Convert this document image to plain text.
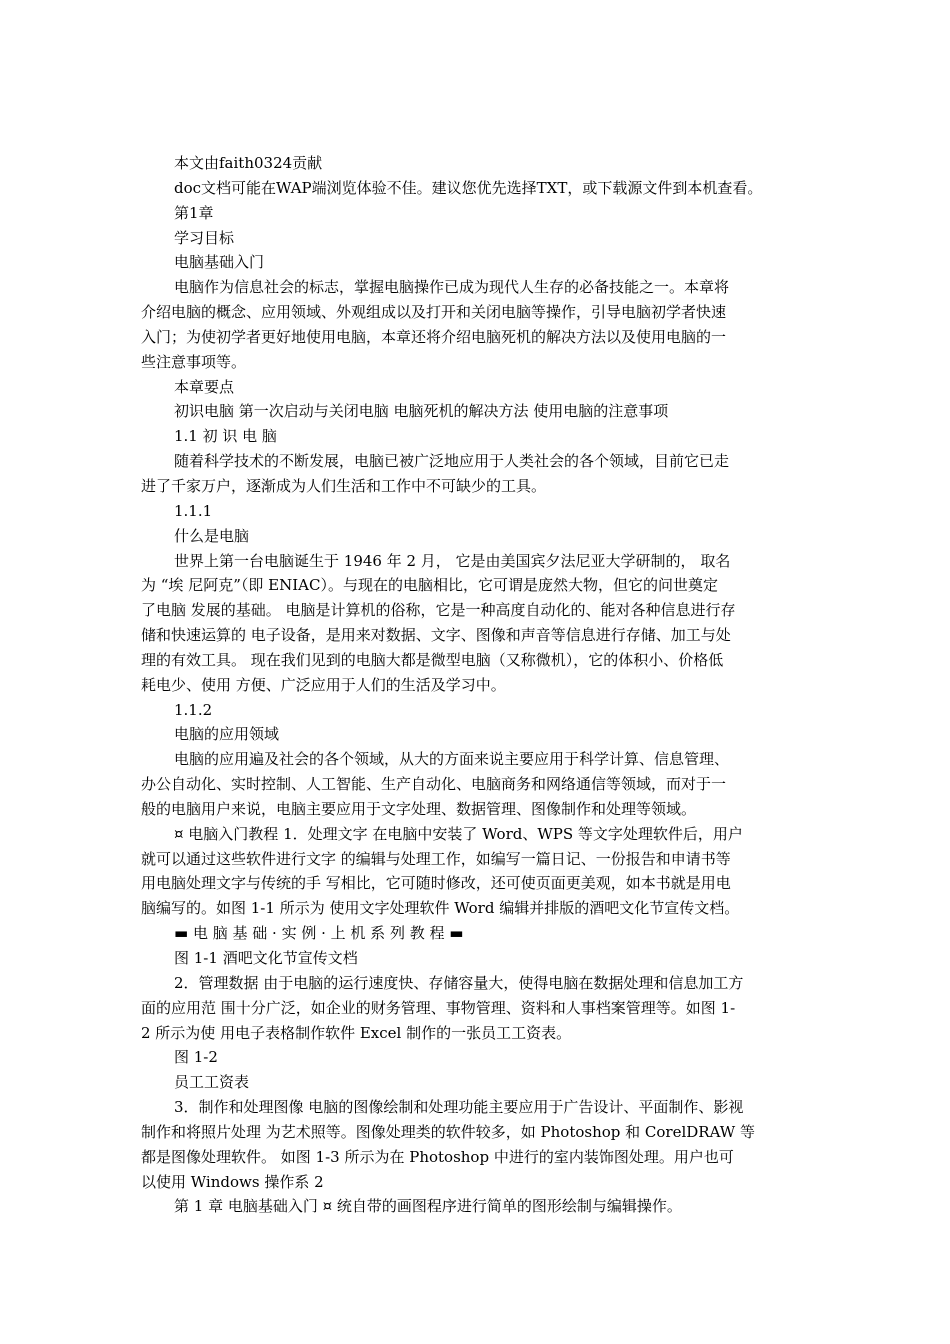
本文由faith0324贡献

doc文档可能在WAP端浏览体验不佳。建议您优先选择TXT，或下载源文件到本机查看。

第1章

学习目标

电脑基础入门

电脑作为信息社会的标志，掌握电脑操作已成为现代人生存的必备技能之一。本章将

介绍电脑的概念、应用领域、外观组成以及打开和关闭电脑等操作，引导电脑初学者快速

入门；为使初学者更好地使用电脑，本章还将介绍电脑死机的解决方法以及使用电脑的一

些注意事项等。

本章要点

初识电脑 第一次启动与关闭电脑 电脑死机的解决方法 使用电脑的注意事项

1.1 初 识 电 脑

随着科学技术的不断发展，电脑已被广泛地应用于人类社会的各个领域，目前它已走

进了千家万户，逐渐成为人们生活和工作中不可缺少的工具。

1.1.1

什么是电脑

世界上第一台电脑诞生于 1946 年 2 月， 它是由美国宾夕法尼亚大学研制的， 取名

为 “埃 尼阿克”（即 ENIAC）。与现在的电脑相比，它可谓是庞然大物，但它的问世奠定

了电脑 发展的基础。 电脑是计算机的俗称，它是一种高度自动化的、能对各种信息进行存

储和快速运算的 电子设备，是用来对数据、文字、图像和声音等信息进行存储、加工与处

理的有效工具。 现在我们见到的电脑大都是微型电脑（又称微机），它的体积小、价格低

耗电少、使用 方便、广泛应用于人们的生活及学习中。

1.1.2

电脑的应用领域

电脑的应用遍及社会的各个领域，从大的方面来说主要应用于科学计算、信息管理、

办公自动化、实时控制、人工智能、生产自动化、电脑商务和网络通信等领域，而对于一

般的电脑用户来说，电脑主要应用于文字处理、数据管理、图像制作和处理等领域。

¤ 电脑入门教程 1．处理文字 在电脑中安装了 Word、WPS 等文字处理软件后，用户

就可以通过这些软件进行文字 的编辑与处理工作，如编写一篇日记、一份报告和申请书等

用电脑处理文字与传统的手 写相比，它可随时修改，还可使页面更美观，如本书就是用电

脑编写的。如图 1-1 所示为 使用文字处理软件 Word 编辑并排版的酒吧文化节宣传文档。

▬ 电 脑 基 础 · 实 例 · 上 机 系 列 教 程 ▬

图 1-1 酒吧文化节宣传文档

2．管理数据 由于电脑的运行速度快、存储容量大，使得电脑在数据处理和信息加工方

面的应用范 围十分广泛，如企业的财务管理、事物管理、资料和人事档案管理等。如图 1-

2 所示为使 用电子表格制作软件 Excel 制作的一张员工工资表。

图 1-2

员工工资表

3．制作和处理图像 电脑的图像绘制和处理功能主要应用于广告设计、平面制作、影视

制作和将照片处理 为艺术照等。图像处理类的软件较多，如 Photoshop 和 CorelDRAW 等

都是图像处理软件。 如图 1-3 所示为在 Photoshop 中进行的室内装饰图处理。用户也可

以使用 Windows 操作系 2

第 1 章 电脑基础入门 ¤ 统自带的画图程序进行简单的图形绘制与编辑操作。
